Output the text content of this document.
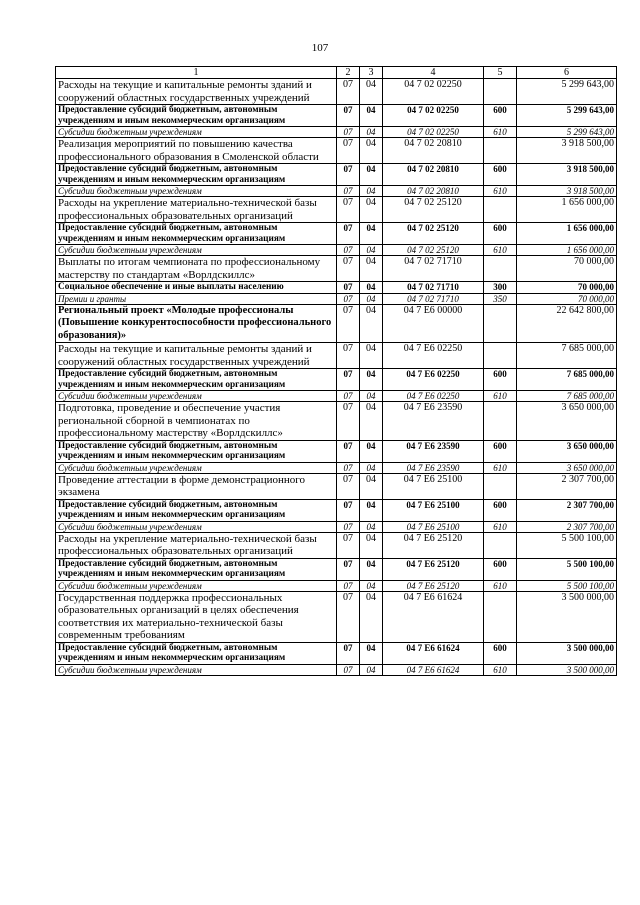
107
1	2	3	4	5	6
Расходы на текущие и капитальные ремонты зданий и сооружений областных государственных учреждений	07	04	04 7 02 02250		5 299 643,00
Предоставление субсидий бюджетным, автономным учреждениям и иным некоммерческим организациям	07	04	04 7 02 02250	600	5 299 643,00
Субсидии бюджетным учреждениям	07	04	04 7 02 02250	610	5 299 643,00
Реализация мероприятий по повышению качества профессионального образования в Смоленской области	07	04	04 7 02 20810		3 918 500,00
Предоставление субсидий бюджетным, автономным учреждениям и иным некоммерческим организациям	07	04	04 7 02 20810	600	3 918 500,00
Субсидии бюджетным учреждениям	07	04	04 7 02 20810	610	3 918 500,00
Расходы на укрепление материально-технической базы профессиональных образовательных организаций	07	04	04 7 02 25120		1 656 000,00
Предоставление субсидий бюджетным, автономным учреждениям и иным некоммерческим организациям	07	04	04 7 02 25120	600	1 656 000,00
Субсидии бюджетным учреждениям	07	04	04 7 02 25120	610	1 656 000,00
Выплаты по итогам чемпионата по профессиональному мастерству по стандартам «Ворлдскиллс»	07	04	04 7 02 71710		70 000,00
Социальное обеспечение и иные выплаты населению	07	04	04 7 02 71710	300	70 000,00
Премии и гранты	07	04	04 7 02 71710	350	70 000,00
Региональный проект «Молодые профессионалы (Повышение конкурентоспособности профессионального образования)»	07	04	04 7 E6 00000		22 642 800,00
Расходы на текущие и капитальные ремонты зданий и сооружений областных государственных учреждений	07	04	04 7 E6 02250		7 685 000,00
Предоставление субсидий бюджетным, автономным учреждениям и иным некоммерческим организациям	07	04	04 7 E6 02250	600	7 685 000,00
Субсидии бюджетным учреждениям	07	04	04 7 E6 02250	610	7 685 000,00
Подготовка, проведение и обеспечение участия региональной сборной в чемпионатах по профессиональному мастерству «Ворлдскиллс»	07	04	04 7 E6 23590		3 650 000,00
Предоставление субсидий бюджетным, автономным учреждениям и иным некоммерческим организациям	07	04	04 7 E6 23590	600	3 650 000,00
Субсидии бюджетным учреждениям	07	04	04 7 E6 23590	610	3 650 000,00
Проведение аттестации в форме демонстрационного экзамена	07	04	04 7 E6 25100		2 307 700,00
Предоставление субсидий бюджетным, автономным учреждениям и иным некоммерческим организациям	07	04	04 7 E6 25100	600	2 307 700,00
Субсидии бюджетным учреждениям	07	04	04 7 E6 25100	610	2 307 700,00
Расходы на укрепление материально-технической базы профессиональных образовательных организаций	07	04	04 7 E6 25120		5 500 100,00
Предоставление субсидий бюджетным, автономным учреждениям и иным некоммерческим организациям	07	04	04 7 E6 25120	600	5 500 100,00
Субсидии бюджетным учреждениям	07	04	04 7 E6 25120	610	5 500 100,00
Государственная поддержка профессиональных образовательных организаций в целях обеспечения соответствия их материально-технической базы современным требованиям	07	04	04 7 E6 61624		3 500 000,00
Предоставление субсидий бюджетным, автономным учреждениям и иным некоммерческим организациям	07	04	04 7 E6 61624	600	3 500 000,00
Субсидии бюджетным учреждениям	07	04	04 7 E6 61624	610	3 500 000,00
